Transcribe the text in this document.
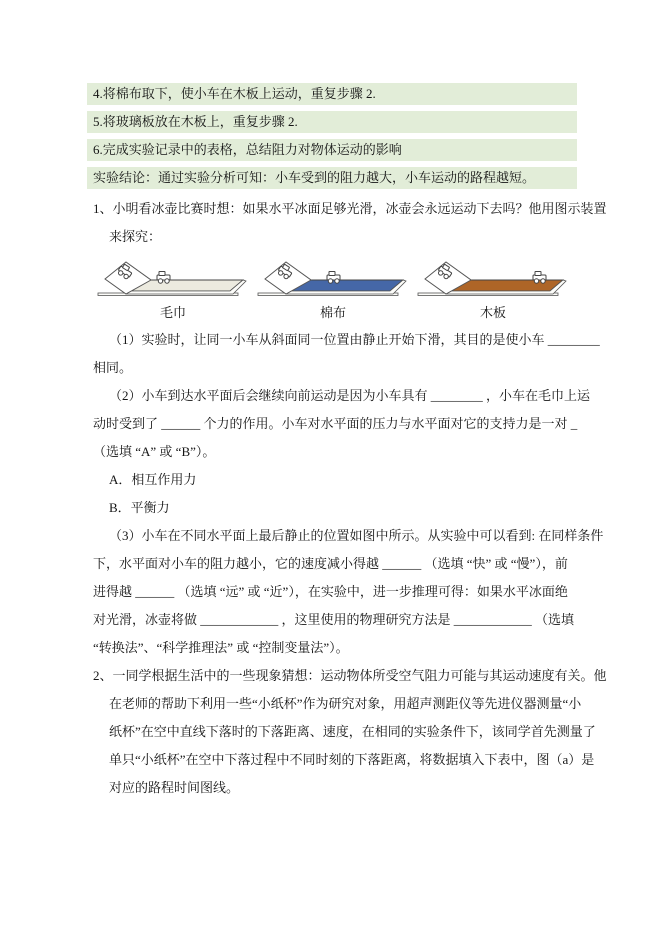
4.将棉布取下，使小车在木板上运动，重复步骤 2.
5.将玻璃板放在木板上，重复步骤 2.
6.完成实验记录中的表格，总结阻力对物体运动的影响
实验结论：通过实验分析可知：小车受到的阻力越大，小车运动的路程越短。
1、小明看冰壶比赛时想：如果水平冰面足够光滑，冰壶会永远运动下去吗？他用图示装置
来探究：
毛巾	棉布	木板
（1）实验时，让同一小车从斜面同一位置由静止开始下滑，其目的是使小车 ________
相同。
（2）小车到达水平面后会继续向前运动是因为小车具有 ________ ，小车在毛巾上运
动时受到了 ______ 个力的作用。小车对水平面的压力与水平面对它的支持力是一对 _
（选填 “A” 或 “B”）。
A．相互作用力
B．平衡力
（3）小车在不同水平面上最后静止的位置如图中所示。从实验中可以看到: 在同样条件
下，水平面对小车的阻力越小，它的速度减小得越 ______ （选填 “快” 或 “慢”），前
进得越 ______ （选填 “远” 或 “近”），在实验中，进一步推理可得：如果水平冰面绝
对光滑，冰壶将做 ____________ ，这里使用的物理研究方法是 ____________ （选填
“转换法”、“科学推理法” 或 “控制变量法”）。
2、一同学根据生活中的一些现象猜想：运动物体所受空气阻力可能与其运动速度有关。他
在老师的帮助下利用一些“小纸杯”作为研究对象，用超声测距仪等先进仪器测量“小
纸杯”在空中直线下落时的下落距离、速度，在相同的实验条件下，该同学首先测量了
单只“小纸杯”在空中下落过程中不同时刻的下落距离，将数据填入下表中，图（a）是
对应的路程时间图线。
